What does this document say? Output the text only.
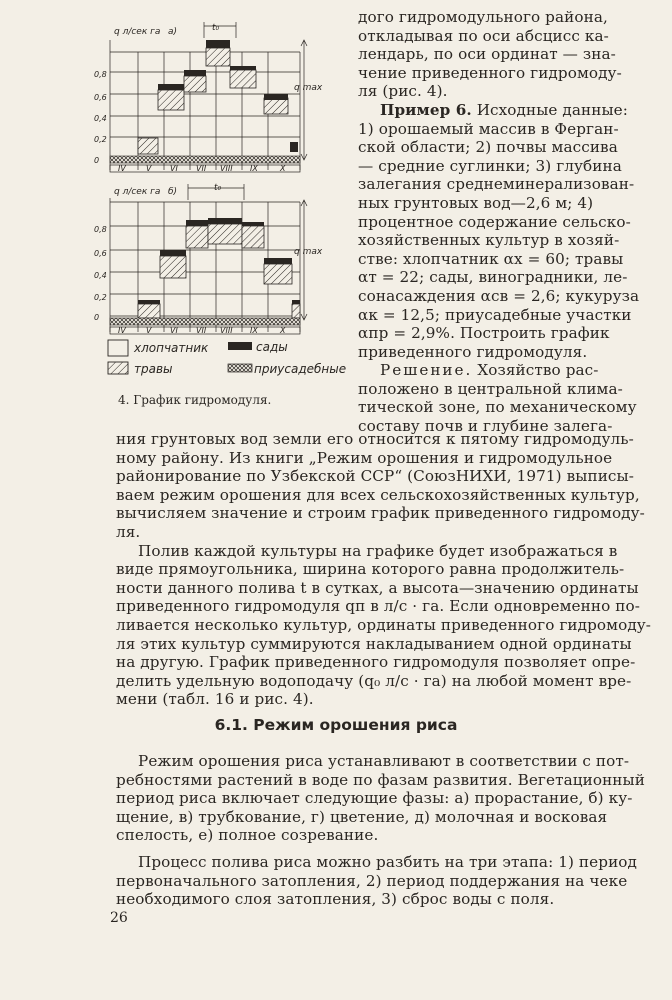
q л/сек га а)	t₀
q max
0,8
0,6
0,4
0,2
0
IV	V VI VII VIII IX	X
q л/сек га б)	t₀
q max
0,8
0,6
0,4
0,2
0
IV	V VI VII VIII IX	X
хлопчатник	сады
травы	приусадебные
4. График гидромодуля.

дого гидромодульного района,
откладывая по оси абсцисс ка-
лендарь, по оси ординат — зна-
чение приведенного гидромоду-
ля (рис. 4).

Пример 6. Исходные данные:
1) орошаемый массив в Ферган-
ской области; 2) почвы массива
— средние суглинки; 3) глубина
залегания среднеминерализован-
ных грунтовых вод—2,6 м; 4)
процентное содержание сельско-
хозяйственных культур в хозяй-
стве: хлопчатник αх = 60; травы
αт = 22; сады, виноградники, ле-
сонасаждения αсв = 2,6; кукуруза
αк = 12,5; приусадебные участки
αпр = 2,9%. Построить график
приведенного гидромодуля.

Решение. Хозяйство рас-
положено в центральной клима-
тической зоне, по механическому
составу почв и глубине залега-

ния грунтовых вод земли его относится к пятому гидромодуль-
ному району. Из книги „Режим орошения и гидромодульное
районирование по Узбекской ССР“ (СоюзНИХИ, 1971) выписы-
ваем режим орошения для всех сельскохозяйственных культур,
вычисляем значение и строим график приведенного гидромоду-
ля.

Полив каждой культуры на графике будет изображаться в
виде прямоугольника, ширина которого равна продолжитель-
ности данного полива t в сутках, а высота—значению ординаты
приведенного гидромодуля qп в л/с · га. Если одновременно по-
ливается несколько культур, ординаты приведенного гидромоду-
ля этих культур суммируются накладыванием одной ординаты
на другую. График приведенного гидромодуля позволяет опре-
делить удельную водоподачу (q₀ л/с · га) на любой момент вре-
мени (табл. 16 и рис. 4).

6.1. Режим орошения риса

Режим орошения риса устанавливают в соответствии с пот-
ребностями растений в воде по фазам развития. Вегетационный
период риса включает следующие фазы: а) прорастание, б) ку-
щение, в) трубкование, г) цветение, д) молочная и восковая
спелость, е) полное созревание.

Процесс полива риса можно разбить на три этапа: 1) период
первоначального затопления, 2) период поддержания на чеке
необходимого слоя затопления, 3) сброс воды с поля.

26
